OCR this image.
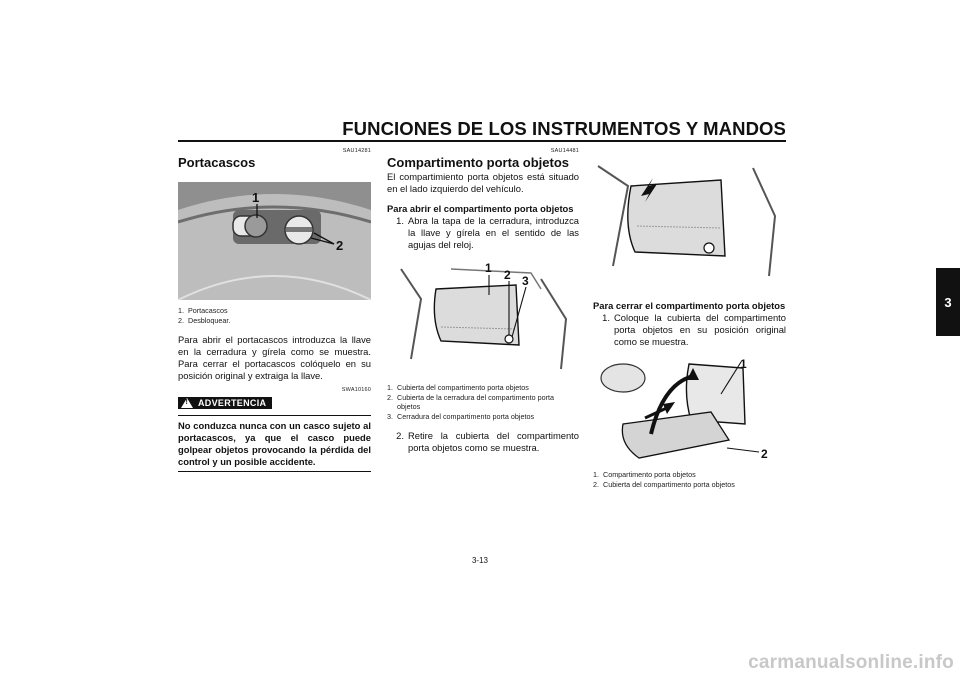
FUNCIONES DE LOS INSTRUMENTOS Y MANDOS
3
SAU14281
Portacascos
1
2
1. Portacascos
2. Desbloquear.

Para abrir el portacascos introduzca la llave en la cerradura y gírela como se muestra. Para cerrar el portacascos colóquelo en su posición original y extraiga la llave.

SWA10160
!
ADVERTENCIA

No conduzca nunca con un casco sujeto al portacascos, ya que el casco puede golpear objetos provocando la pérdida del control y un posible accidente.

SAU14481
Compartimento porta objetos

El compartimiento porta objetos está situado en el lado izquierdo del vehículo.

Para abrir el compartimento porta objetos

1. Abra la tapa de la cerradura, introduzca la llave y gírela en el sentido de las agujas del reloj.
1 2 3
1. Cubierta del compartimento porta objetos
2. Cubierta de la cerradura del compartimento porta objetos
3. Cerradura del compartimento porta objetos
2. Retire la cubierta del compartimento porta objetos como se muestra.

Para cerrar el compartimento porta objetos

1. Coloque la cubierta del compartimento porta objetos en su posición original como se muestra.
1
2
1. Compartimento porta objetos
2. Cubierta del compartimento porta objetos
3-13
carmanualsonline.info
